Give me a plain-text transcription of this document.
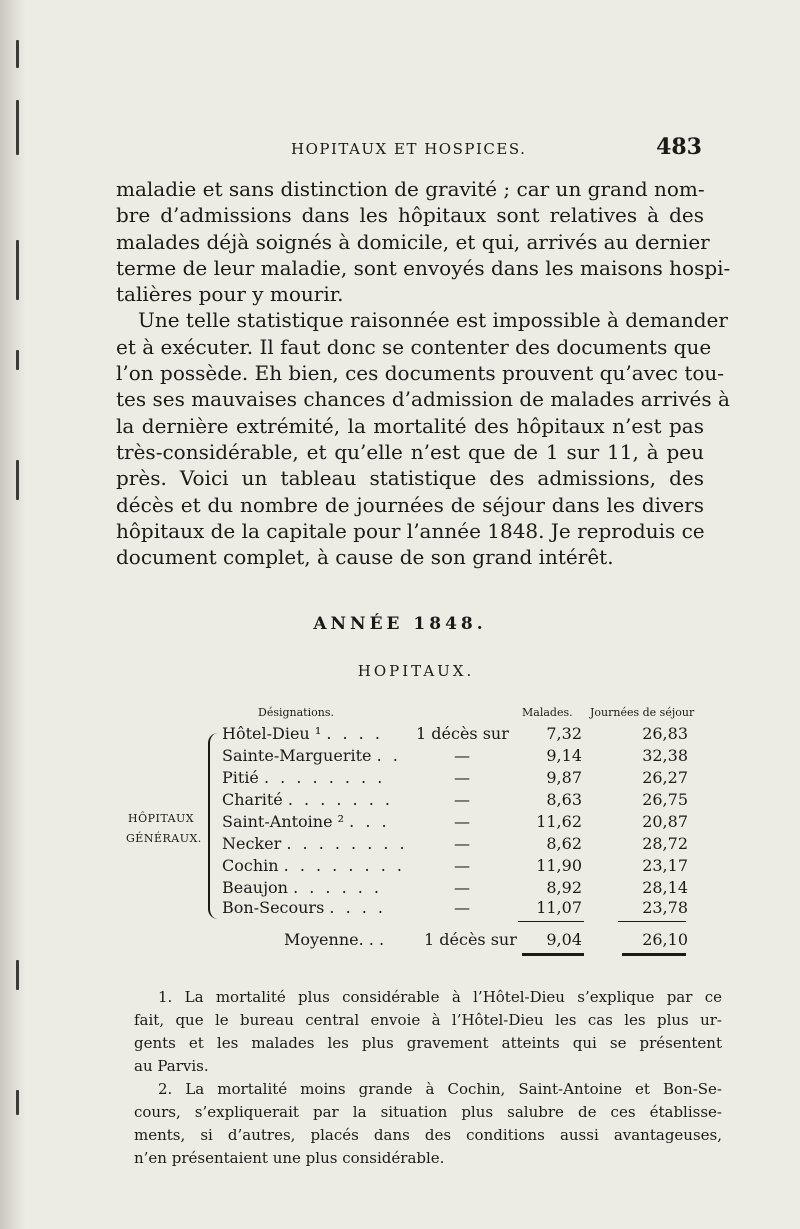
HOPITAUX ET HOSPICES.	483
maladie et sans distinction de gravité ; car un grand nom-
bre d’admissions dans les hôpitaux sont relatives à des
malades déjà soignés à domicile, et qui, arrivés au dernier
terme de leur maladie, sont envoyés dans les maisons hospi-
talières pour y mourir.
Une telle statistique raisonnée est impossible à demander
et à exécuter. Il faut donc se contenter des documents que
l’on possède. Eh bien, ces documents prouvent qu’avec tou-
tes ses mauvaises chances d’admission de malades arrivés à
la dernière extrémité, la mortalité des hôpitaux n’est pas
très-considérable, et qu’elle n’est que de 1 sur 11, à peu
près. Voici un tableau statistique des admissions, des
décès et du nombre de journées de séjour dans les divers
hôpitaux de la capitale pour l’année 1848. Je reproduis ce
document complet, à cause de son grand intérêt.
ANNÉE 1848.
HOPITAUX.
Désignations.	Malades. Journées de séjour
HÔPITAUX
GÉNÉRAUX.
Hôtel-Dieu ¹ . . . . 1 décès sur	7,32	26,83
Sainte-Marguerite . .	—	9,14	32,38
Pitié . . . . . . . .	—	9,87	26,27
Charité . . . . . . .	—	8,63	26,75
Saint-Antoine ² . . .	—	11,62	20,87
Necker . . . . . . . .	—	8,62	28,72
Cochin . . . . . . . .	—	11,90	23,17
Beaujon . . . . . .	—	8,92	28,14
Bon-Secours . . . .	—	11,07	23,78
Moyenne. . . 1 décès sur	9,04	26,10
1. La mortalité plus considérable à l’Hôtel-Dieu s’explique par ce
fait, que le bureau central envoie à l’Hôtel-Dieu les cas les plus ur-
gents et les malades les plus gravement atteints qui se présentent
au Parvis.
2. La mortalité moins grande à Cochin, Saint-Antoine et Bon-Se-
cours, s’expliquerait par la situation plus salubre de ces établisse-
ments, si d’autres, placés dans des conditions aussi avantageuses,
n’en présentaient une plus considérable.
